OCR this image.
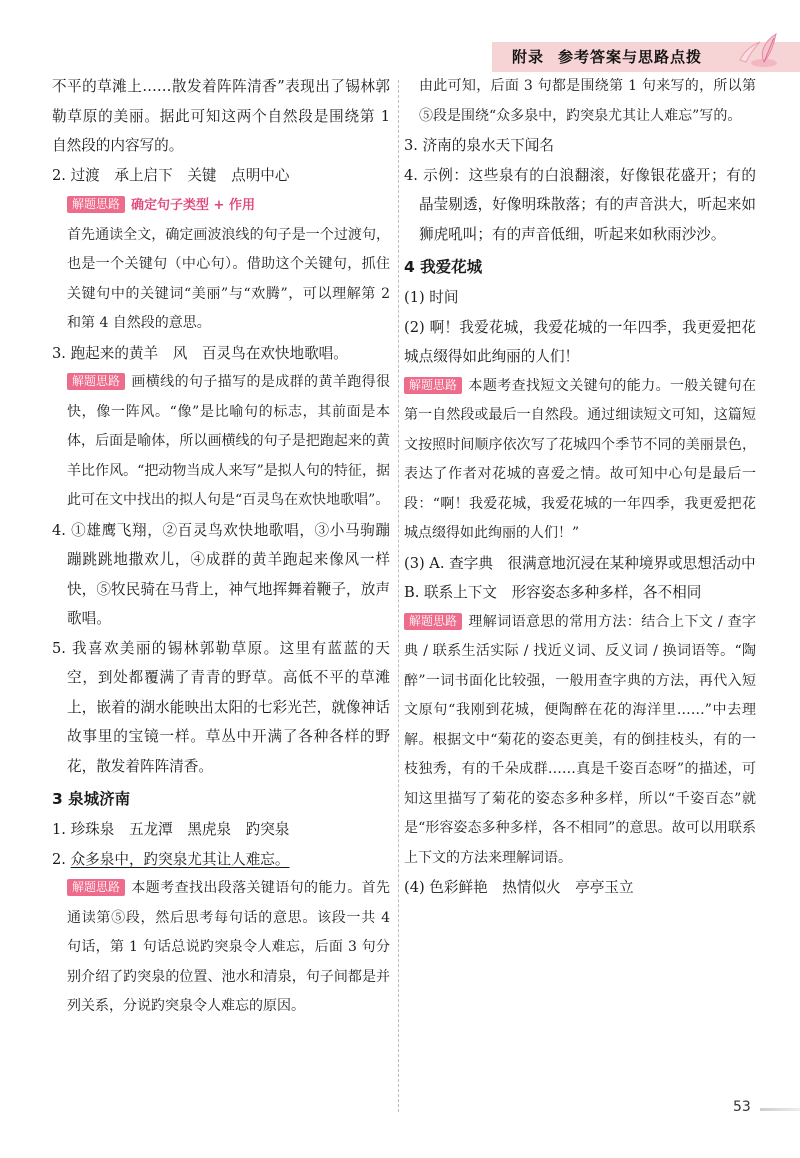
附录 参考答案与思路点拨

不平的草滩上……散发着阵阵清香”表现出了锡林郭勒草原的美丽。据此可知这两个自然段是围绕第 1 自然段的内容写的。

2. 过渡　承上启下　关键　点明中心

解题思路 确定句子类型 + 作用

首先通读全文，确定画波浪线的句子是一个过渡句，也是一个关键句（中心句）。借助这个关键句，抓住关键句中的关键词“美丽”与“欢腾”，可以理解第 2 和第 4 自然段的意思。

3. 跑起来的黄羊　风　百灵鸟在欢快地歌唱。

解题思路 画横线的句子描写的是成群的黄羊跑得很快，像一阵风。“像”是比喻句的标志，其前面是本体，后面是喻体，所以画横线的句子是把跑起来的黄羊比作风。“把动物当成人来写”是拟人句的特征，据此可在文中找出的拟人句是“百灵鸟在欢快地歌唱”。

4. ①雄鹰飞翔，②百灵鸟欢快地歌唱，③小马驹蹦蹦跳跳地撒欢儿，④成群的黄羊跑起来像风一样快，⑤牧民骑在马背上，神气地挥舞着鞭子，放声歌唱。

5. 我喜欢美丽的锡林郭勒草原。这里有蓝蓝的天空，到处都覆满了青青的野草。高低不平的草滩上，嵌着的湖水能映出太阳的七彩光芒，就像神话故事里的宝镜一样。草丛中开满了各种各样的野花，散发着阵阵清香。

3 泉城济南

1. 珍珠泉　五龙潭　黑虎泉　趵突泉

2. 众多泉中，趵突泉尤其让人难忘。

解题思路 本题考查找出段落关键语句的能力。首先通读第⑤段，然后思考每句话的意思。该段一共 4 句话，第 1 句话总说趵突泉令人难忘，后面 3 句分别介绍了趵突泉的位置、池水和清泉，句子间都是并列关系，分说趵突泉令人难忘的原因。

由此可知，后面 3 句都是围绕第 1 句来写的，所以第⑤段是围绕“众多泉中，趵突泉尤其让人难忘”写的。

3. 济南的泉水天下闻名

4. 示例：这些泉有的白浪翻滚，好像银花盛开；有的晶莹剔透，好像明珠散落；有的声音洪大，听起来如狮虎吼叫；有的声音低细，听起来如秋雨沙沙。

4 我爱花城

(1) 时间

(2) 啊！我爱花城，我爱花城的一年四季，我更爱把花城点缀得如此绚丽的人们！

解题思路 本题考查找短文关键句的能力。一般关键句在第一自然段或最后一自然段。通过细读短文可知，这篇短文按照时间顺序依次写了花城四个季节不同的美丽景色，表达了作者对花城的喜爱之情。故可知中心句是最后一段：“啊！我爱花城，我爱花城的一年四季，我更爱把花城点缀得如此绚丽的人们！”

(3) A. 查字典　很满意地沉浸在某种境界或思想活动中

B. 联系上下文　形容姿态多种多样，各不相同

解题思路 理解词语意思的常用方法：结合上下文 / 查字典 / 联系生活实际 / 找近义词、反义词 / 换词语等。“陶醉”一词书面化比较强，一般用查字典的方法，再代入短文原句“我刚到花城，便陶醉在花的海洋里……”中去理解。根据文中“菊花的姿态更美，有的倒挂枝头，有的一枝独秀，有的千朵成群……真是千姿百态呀”的描述，可知这里描写了菊花的姿态多种多样，所以“千姿百态”就是“形容姿态多种多样，各不相同”的意思。故可以用联系上下文的方法来理解词语。

(4) 色彩鲜艳　热情似火　亭亭玉立

53
